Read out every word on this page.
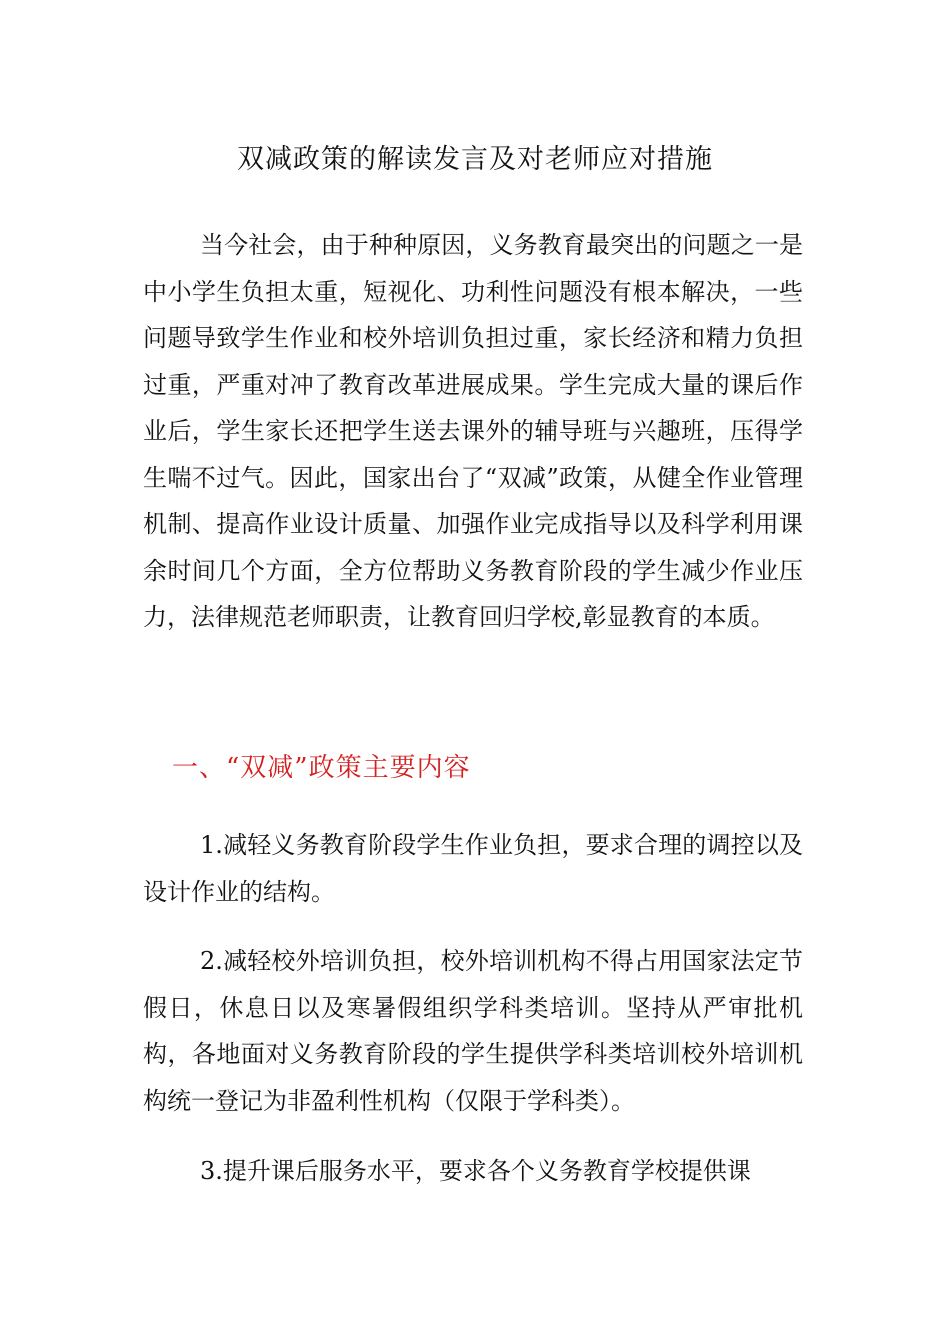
双减政策的解读发言及对老师应对措施

当今社会，由于种种原因，义务教育最突出的问题之一是中小学生负担太重，短视化、功利性问题没有根本解决，一些问题导致学生作业和校外培训负担过重，家长经济和精力负担过重，严重对冲了教育改革进展成果。学生完成大量的课后作业后，学生家长还把学生送去课外的辅导班与兴趣班，压得学生喘不过气。因此，国家出台了“双减”政策，从健全作业管理机制、提高作业设计质量、加强作业完成指导以及科学利用课余时间几个方面，全方位帮助义务教育阶段的学生减少作业压力，法律规范老师职责，让教育回归学校,彰显教育的本质。

一、“双减”政策主要内容

1.减轻义务教育阶段学生作业负担，要求合理的调控以及设计作业的结构。

2.减轻校外培训负担，校外培训机构不得占用国家法定节假日，休息日以及寒暑假组织学科类培训。坚持从严审批机构，各地面对义务教育阶段的学生提供学科类培训校外培训机构统一登记为非盈利性机构（仅限于学科类）。

3.提升课后服务水平，要求各个义务教育学校提供课
